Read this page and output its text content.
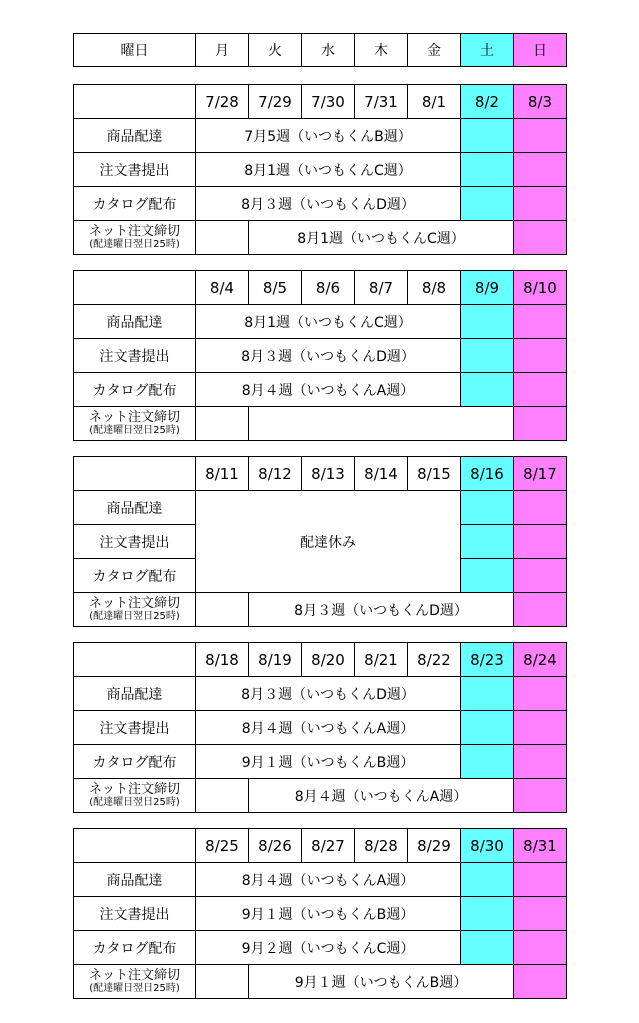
曜日	月	火	水	木	金	土	日
	7/28	7/29	7/30	7/31	8/1	8/2	8/3
商品配達	7月5週（いつもくんB週）						
注文書提出	8月1週（いつもくんC週）						
カタログ配布	8月３週（いつもくんD週）						

ネット注文締切
(配達曜日翌日25時)		8月1週（いつもくんC週）					
	8/4	8/5	8/6	8/7	8/8	8/9	8/10
商品配達	8月1週（いつもくんC週）						
注文書提出	8月３週（いつもくんD週）						
カタログ配布	8月４週（いつもくんA週）						

ネット注文締切
(配達曜日翌日25時)							

	8/11	8/12	8/13	8/14	8/15	8/16	8/17
商品配達	配達休み						
注文書提出							
カタログ配布							

ネット注文締切
(配達曜日翌日25時)		8月３週（いつもくんD週）					
	8/18	8/19	8/20	8/21	8/22	8/23	8/24
商品配達	8月３週（いつもくんD週）						
注文書提出	8月４週（いつもくんA週）						
カタログ配布	9月１週（いつもくんB週）						

ネット注文締切
(配達曜日翌日25時)		8月４週（いつもくんA週）					
	8/25	8/26	8/27	8/28	8/29	8/30	8/31
商品配達	8月４週（いつもくんA週）						
注文書提出	9月１週（いつもくんB週）						
カタログ配布	9月２週（いつもくんC週）						

ネット注文締切
(配達曜日翌日25時)		9月１週（いつもくんB週）					
